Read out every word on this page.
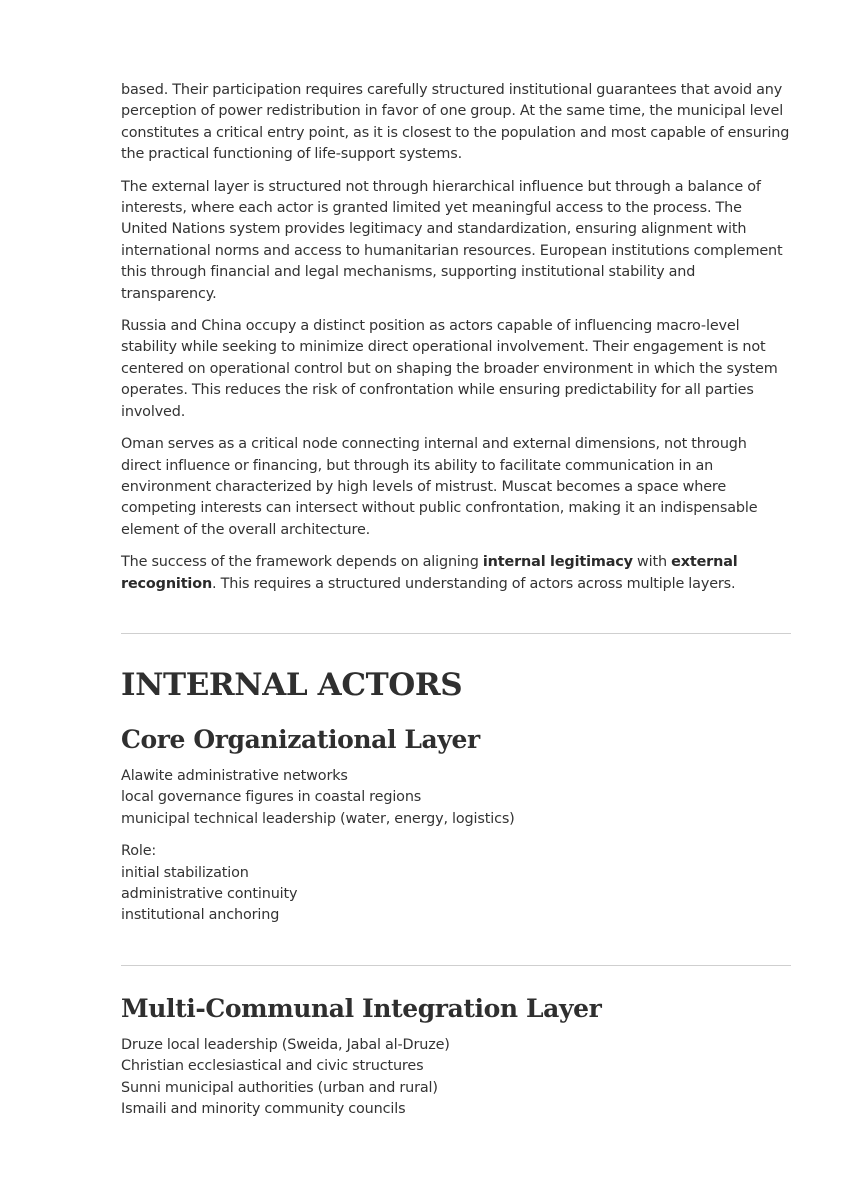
based. Their participation requires carefully structured institutional guarantees that avoid any perception of power redistribution in favor of one group. At the same time, the municipal level constitutes a critical entry point, as it is closest to the population and most capable of ensuring the practical functioning of life-support systems.

The external layer is structured not through hierarchical influence but through a balance of interests, where each actor is granted limited yet meaningful access to the process. The United Nations system provides legitimacy and standardization, ensuring alignment with international norms and access to humanitarian resources. European institutions complement this through financial and legal mechanisms, supporting institutional stability and transparency.

Russia and China occupy a distinct position as actors capable of influencing macro-level stability while seeking to minimize direct operational involvement. Their engagement is not centered on operational control but on shaping the broader environment in which the system operates. This reduces the risk of confrontation while ensuring predictability for all parties involved.

Oman serves as a critical node connecting internal and external dimensions, not through direct influence or financing, but through its ability to facilitate communication in an environment characterized by high levels of mistrust. Muscat becomes a space where competing interests can intersect without public confrontation, making it an indispensable element of the overall architecture.

The success of the framework depends on aligning internal legitimacy with external recognition. This requires a structured understanding of actors across multiple layers.

INTERNAL ACTORS
Core Organizational Layer
Alawite administrative networks
local governance figures in coastal regions
municipal technical leadership (water, energy, logistics)
Role:
initial stabilization
administrative continuity
institutional anchoring
Multi-Communal Integration Layer
Druze local leadership (Sweida, Jabal al-Druze)
Christian ecclesiastical and civic structures
Sunni municipal authorities (urban and rural)
Ismaili and minority community councils
